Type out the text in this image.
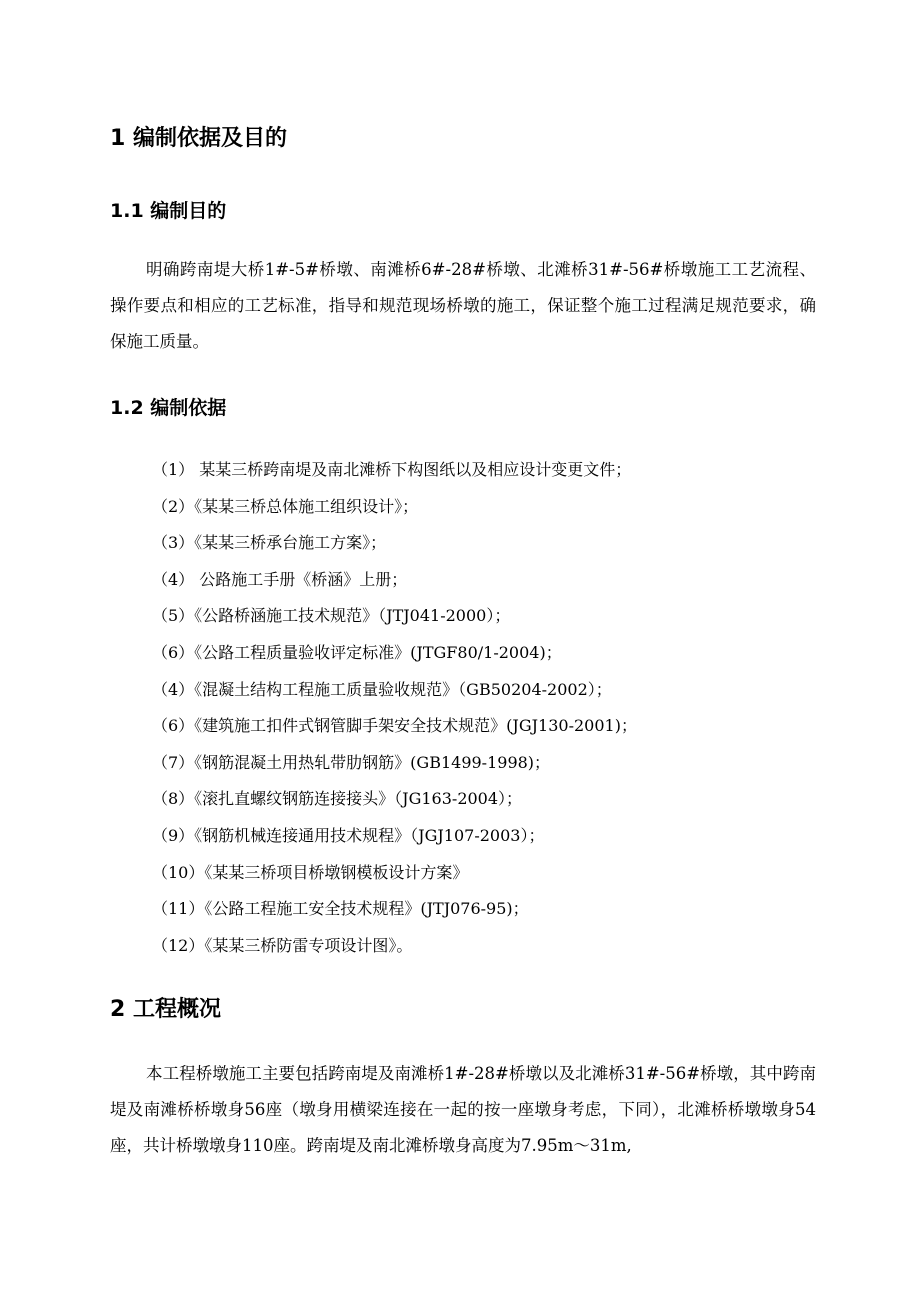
1 编制依据及目的
1.1 编制目的

明确跨南堤大桥1#-5#桥墩、南滩桥6#-28#桥墩、北滩桥31#-56#桥墩施工工艺流程、操作要点和相应的工艺标准，指导和规范现场桥墩的施工，保证整个施工过程满足规范要求，确保施工质量。

1.2 编制依据
（1） 某某三桥跨南堤及南北滩桥下构图纸以及相应设计变更文件；
（2）《某某三桥总体施工组织设计》；
（3）《某某三桥承台施工方案》；
（4） 公路施工手册《桥涵》上册；
（5）《公路桥涵施工技术规范》（JTJ041-2000）；
（6）《公路工程质量验收评定标准》(JTGF80/1-2004)；
（4）《混凝土结构工程施工质量验收规范》（GB50204-2002）；
（6）《建筑施工扣件式钢管脚手架安全技术规范》(JGJ130-2001)；
（7）《钢筋混凝土用热轧带肋钢筋》(GB1499-1998)；
（8）《滚扎直螺纹钢筋连接接头》（JG163-2004）；
（9）《钢筋机械连接通用技术规程》（JGJ107-2003）；
（10）《某某三桥项目桥墩钢模板设计方案》
（11）《公路工程施工安全技术规程》(JTJ076-95)；
（12）《某某三桥防雷专项设计图》。
2 工程概况

本工程桥墩施工主要包括跨南堤及南滩桥1#-28#桥墩以及北滩桥31#-56#桥墩，其中跨南堤及南滩桥桥墩身56座（墩身用横梁连接在一起的按一座墩身考虑，下同），北滩桥桥墩墩身54座，共计桥墩墩身110座。跨南堤及南北滩桥墩身高度为7.95m～31m,
